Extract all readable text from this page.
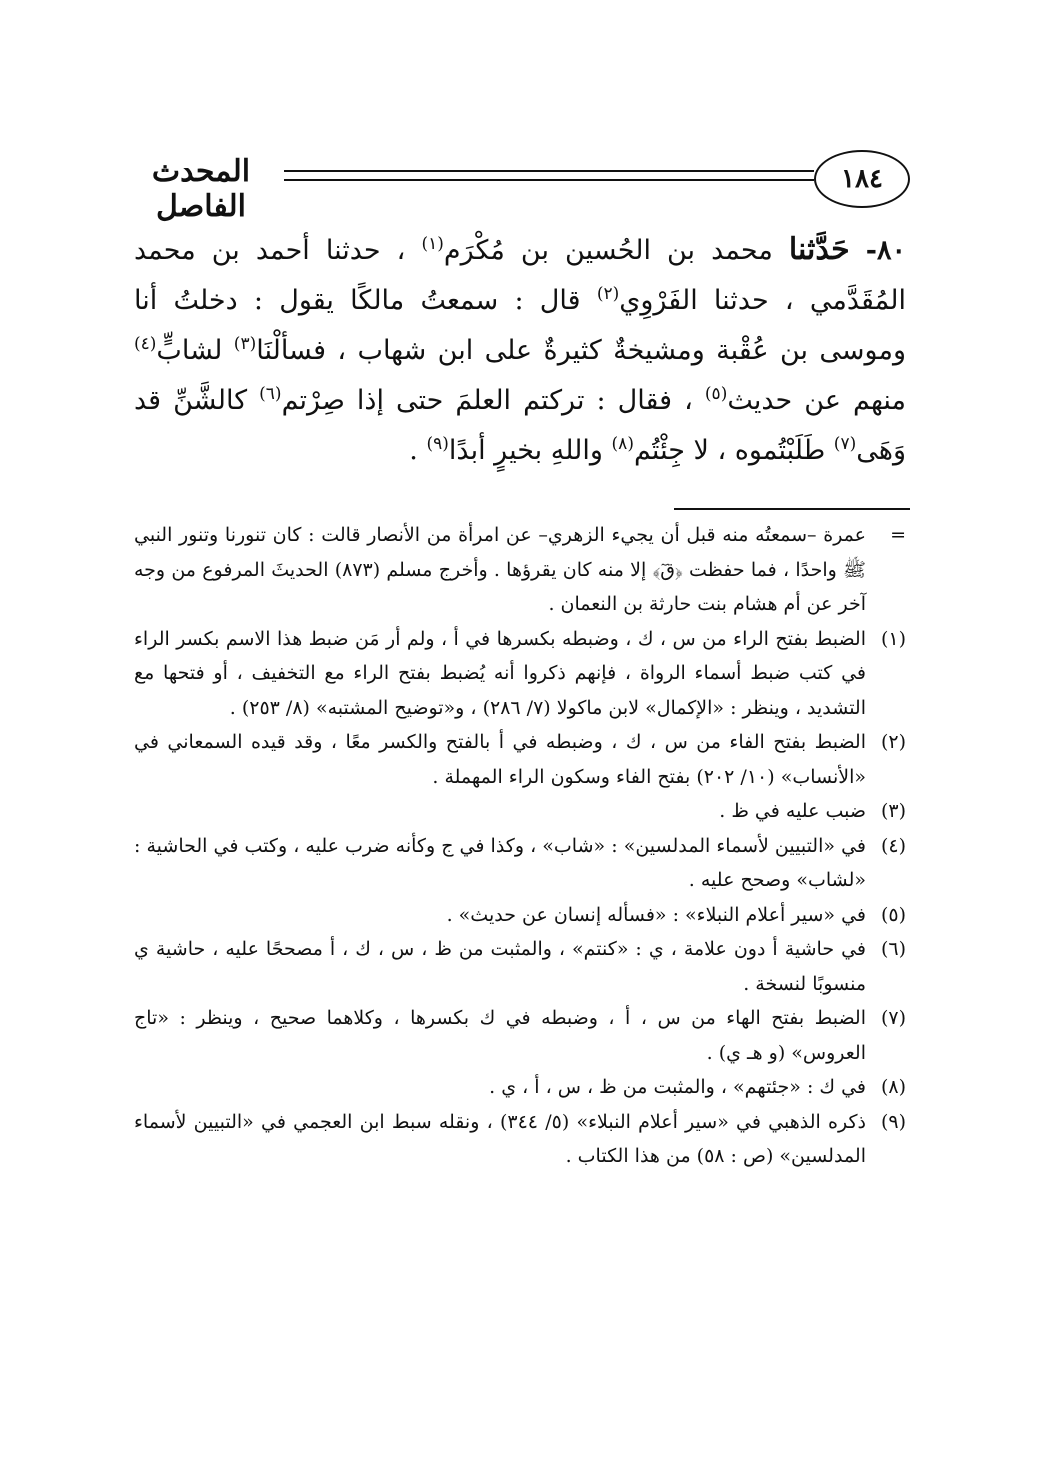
١٨٤
المحدث الفاصل
٨٠- حَدَّثنا محمد بن الحُسين بن مُكْرَم$^{(١)}$ ، حدثنا أحمد بن محمد المُقَدَّمي ، حدثنا الفَرْوِي$^{(٢)}$ قال : سمعتُ مالكًا يقول : دخلتُ أنا وموسى بن عُقْبة ومشيخةٌ كثيرةٌ على ابن شهاب ، فسألْنَا$^{(٣)}$ لشابٍّ$^{(٤)}$ منهم عن حديث$^{(٥)}$ ، فقال : تركتم العلمَ حتى إذا صِرْتم$^{(٦)}$ كالشَّنِّ قد وَهَى$^{(٧)}$ طَلَبْتُموه ، لا جِئْتُم$^{(٨)}$ واللهِ بخيرٍ أبدًا$^{(٩)}$ .

=
عمرة –سمعتُه منه قبل أن يجيء الزهري– عن امرأة من الأنصار قالت : كان تنورنا وتنور النبي ﷺ واحدًا ، فما حفظت ﴿قٓ﴾ إلا منه كان يقرؤها . وأخرج مسلم (٨٧٣) الحديثَ المرفوع من وجه آخر عن أم هشام بنت حارثة بن النعمان .

(١)
الضبط بفتح الراء من س ، ك ، وضبطه بكسرها في أ ، ولم أر مَن ضبط هذا الاسم بكسر الراء في كتب ضبط أسماء الرواة ، فإنهم ذكروا أنه يُضبط بفتح الراء مع التخفيف ، أو فتحها مع التشديد ، وينظر : «الإكمال» لابن ماكولا (٧/ ٢٨٦) ، و«توضيح المشتبه» (٨/ ٢٥٣) .

(٢)
الضبط بفتح الفاء من س ، ك ، وضبطه في أ بالفتح والكسر معًا ، وقد قيده السمعاني في «الأنساب» (١٠/ ٢٠٢) بفتح الفاء وسكون الراء المهملة .

(٣)
ضبب عليه في ظ .

(٤)
في «التبيين لأسماء المدلسين» : «شاب» ، وكذا في ج وكأنه ضرب عليه ، وكتب في الحاشية : «لشاب» وصحح عليه .

(٥)
في «سير أعلام النبلاء» : «فسأله إنسان عن حديث» .

(٦)
في حاشية أ دون علامة ، ي : «كنتم» ، والمثبت من ظ ، س ، ك ، أ مصححًا عليه ، حاشية ي منسوبًا لنسخة .

(٧)
الضبط بفتح الهاء من س ، أ ، وضبطه في ك بكسرها ، وكلاهما صحيح ، وينظر : «تاج العروس» (و هـ ي) .

(٨)
في ك : «جئتهم» ، والمثبت من ظ ، س ، أ ، ي .

(٩)
ذكره الذهبي في «سير أعلام النبلاء» (٥/ ٣٤٤) ، ونقله سبط ابن العجمي في «التبيين لأسماء المدلسين» (ص : ٥٨) من هذا الكتاب .
